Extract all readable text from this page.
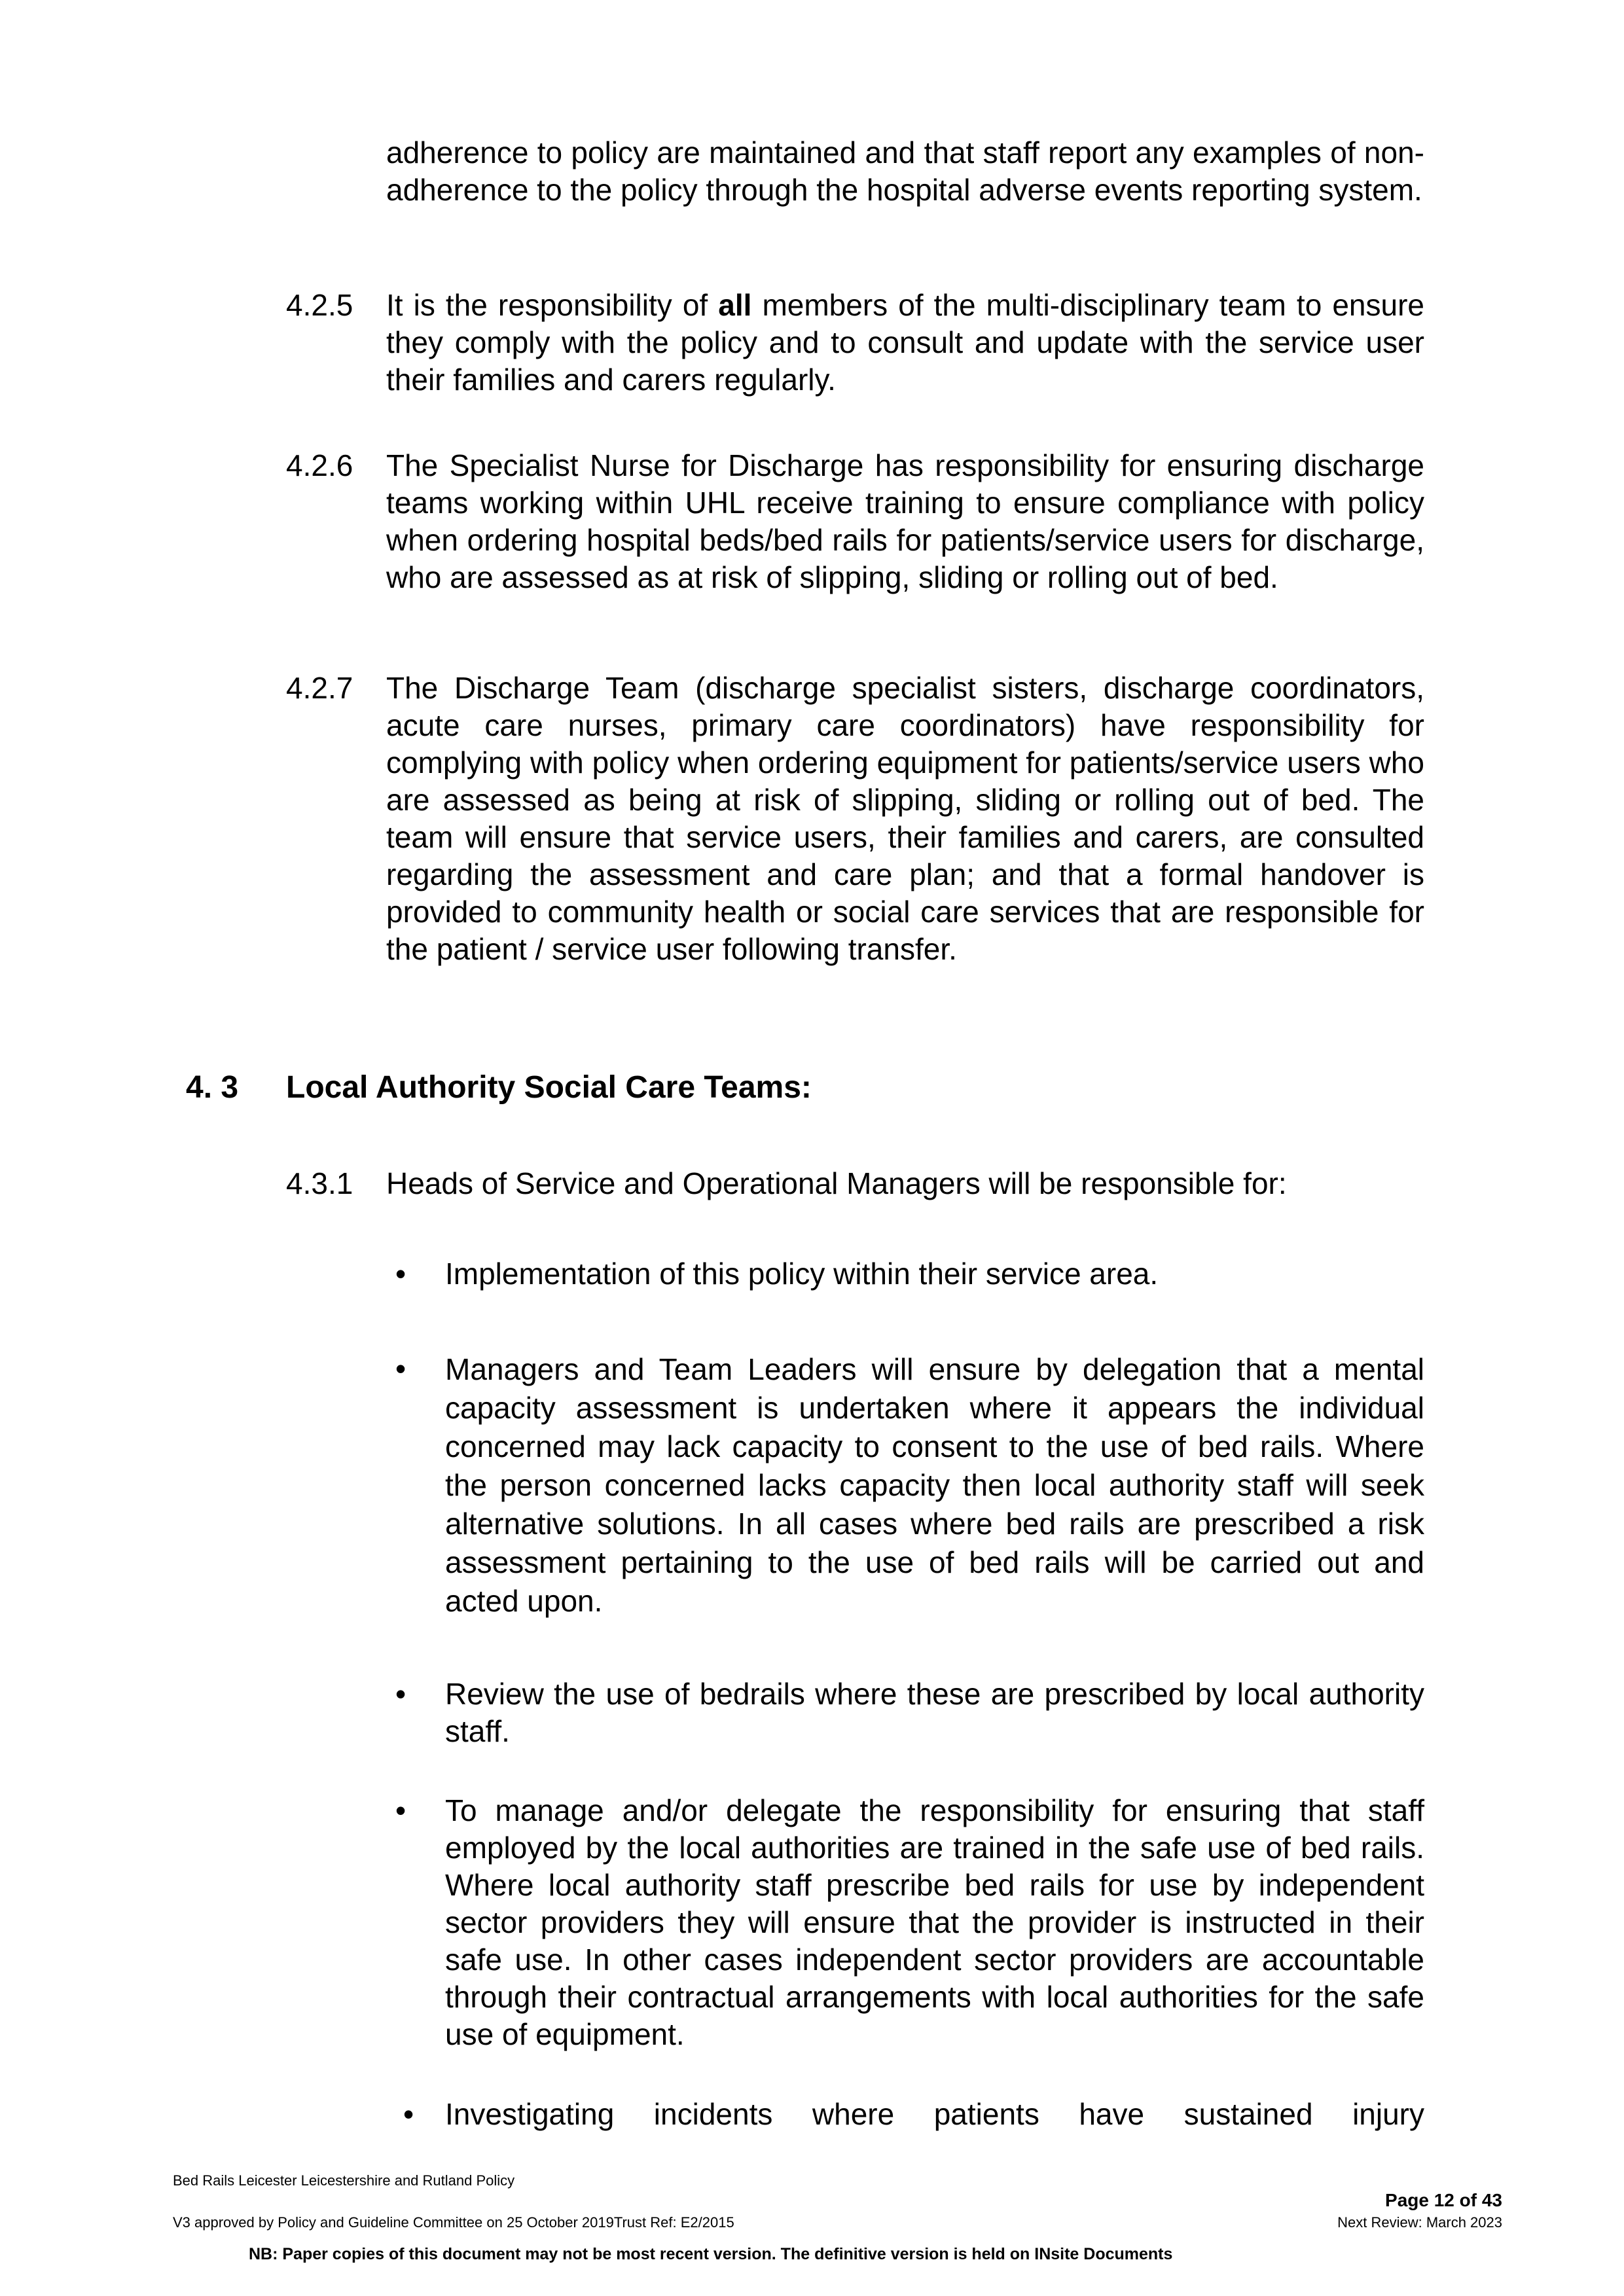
adherence to policy are maintained and that staff report any examples of non-adherence to the policy through the hospital adverse events reporting system.

4.2.5 It is the responsibility of all members of the multi-disciplinary team to ensure they comply with the policy and to consult and update with the service user their families and carers regularly.

4.2.6 The Specialist Nurse for Discharge has responsibility for ensuring discharge teams working within UHL receive training to ensure compliance with policy when ordering hospital beds/bed rails for patients/service users for discharge, who are assessed as at risk of slipping, sliding or rolling out of bed.

4.2.7 The Discharge Team (discharge specialist sisters, discharge coordinators, acute care nurses, primary care coordinators) have responsibility for complying with policy when ordering equipment for patients/service users who are assessed as being at risk of slipping, sliding or rolling out of bed. The team will ensure that service users, their families and carers, are consulted regarding the assessment and care plan; and that a formal handover is provided to community health or social care services that are responsible for the patient / service user following transfer.

4. 3 Local Authority Social Care Teams:
4.3.1 Heads of Service and Operational Managers will be responsible for:

• Implementation of this policy within their service area.

• Managers and Team Leaders will ensure by delegation that a mental capacity assessment is undertaken where it appears the individual concerned may lack capacity to consent to the use of bed rails. Where the person concerned lacks capacity then local authority staff will seek alternative solutions. In all cases where bed rails are prescribed a risk assessment pertaining to the use of bed rails will be carried out and acted upon.

• Review the use of bedrails where these are prescribed by local authority staff.

• To manage and/or delegate the responsibility for ensuring that staff employed by the local authorities are trained in the safe use of bed rails. Where local authority staff prescribe bed rails for use by independent sector providers they will ensure that the provider is instructed in their safe use. In other cases independent sector providers are accountable through their contractual arrangements with local authorities for the safe use of equipment.

• Investigating incidents where patients have sustained injury

Bed Rails Leicester Leicestershire and Rutland Policy
Page 12 of 43
V3 approved by Policy and Guideline Committee on 25 October 2019Trust Ref: E2/2015	Next Review: March 2023
NB: Paper copies of this document may not be most recent version. The definitive version is held on INsite Documents
